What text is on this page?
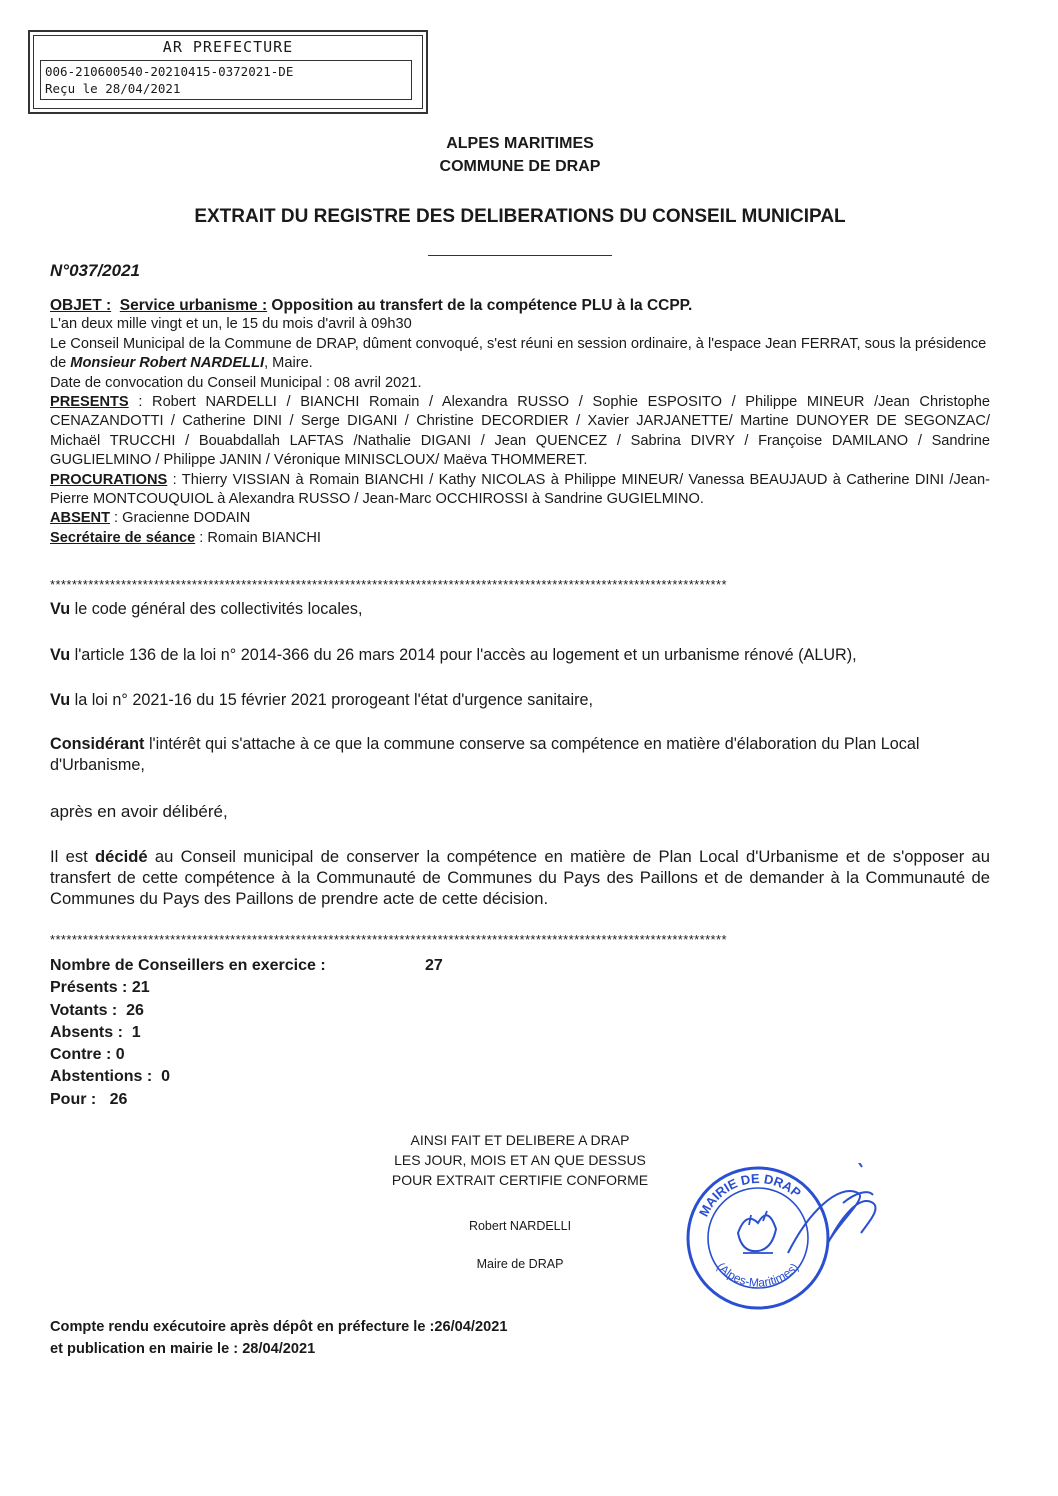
AR PREFECTURE
006-210600540-20210415-0372021-DE
Reçu le 28/04/2021
ALPES MARITIMES
COMMUNE DE DRAP
EXTRAIT DU REGISTRE DES DELIBERATIONS DU CONSEIL MUNICIPAL
N°037/2021
OBJET : Service urbanisme : Opposition au transfert de la compétence PLU à la CCPP.
L'an deux mille vingt et un, le 15 du mois d'avril à 09h30
Le Conseil Municipal de la Commune de DRAP, dûment convoqué, s'est réuni en session ordinaire, à l'espace Jean FERRAT, sous la présidence de Monsieur Robert NARDELLI, Maire.
Date de convocation du Conseil Municipal : 08 avril 2021.
PRESENTS : Robert NARDELLI / BIANCHI Romain / Alexandra RUSSO / Sophie ESPOSITO / Philippe MINEUR /Jean Christophe CENAZANDOTTI / Catherine DINI / Serge DIGANI / Christine DECORDIER / Xavier JARJANETTE/ Martine DUNOYER DE SEGONZAC/ Michaël TRUCCHI / Bouabdallah LAFTAS /Nathalie DIGANI / Jean QUENCEZ / Sabrina DIVRY / Françoise DAMILANO / Sandrine GUGLIELMINO / Philippe JANIN / Véronique MINISCLOUX/ Maëva THOMMERET.
PROCURATIONS : Thierry VISSIAN à Romain BIANCHI / Kathy NICOLAS à Philippe MINEUR/ Vanessa BEAUJAUD à Catherine DINI /Jean-Pierre MONTCOUQUIOL à Alexandra RUSSO / Jean-Marc OCCHIROSSI à Sandrine GUGIELMINO.
ABSENT : Gracienne DODAIN
Secrétaire de séance : Romain BIANCHI
****************************************************************************************************************************
Vu le code général des collectivités locales,
Vu l'article 136 de la loi n° 2014-366 du 26 mars 2014 pour l'accès au logement et un urbanisme rénové (ALUR),
Vu la loi n° 2021-16 du 15 février 2021 prorogeant l'état d'urgence sanitaire,
Considérant l'intérêt qui s'attache à ce que la commune conserve sa compétence en matière d'élaboration du Plan Local d'Urbanisme,
après en avoir délibéré,
Il est décidé au Conseil municipal de conserver la compétence en matière de Plan Local d'Urbanisme et de s'opposer au transfert de cette compétence à la Communauté de Communes du Pays des Paillons et de demander à la Communauté de Communes du Pays des Paillons de prendre acte de cette décision.
****************************************************************************************************************************
Nombre de Conseillers en exercice :	27
Présents : 21
Votants : 26
Absents : 1
Contre : 0
Abstentions : 0
Pour : 26
AINSI FAIT ET DELIBERE A DRAP
LES JOUR, MOIS ET AN QUE DESSUS
POUR EXTRAIT CERTIFIE CONFORME
Robert NARDELLI
Maire de DRAP
MAIRIE DE DRAP
(Alpes-Maritimes)
Compte rendu exécutoire après dépôt en préfecture le :26/04/2021
et publication en mairie le : 28/04/2021
